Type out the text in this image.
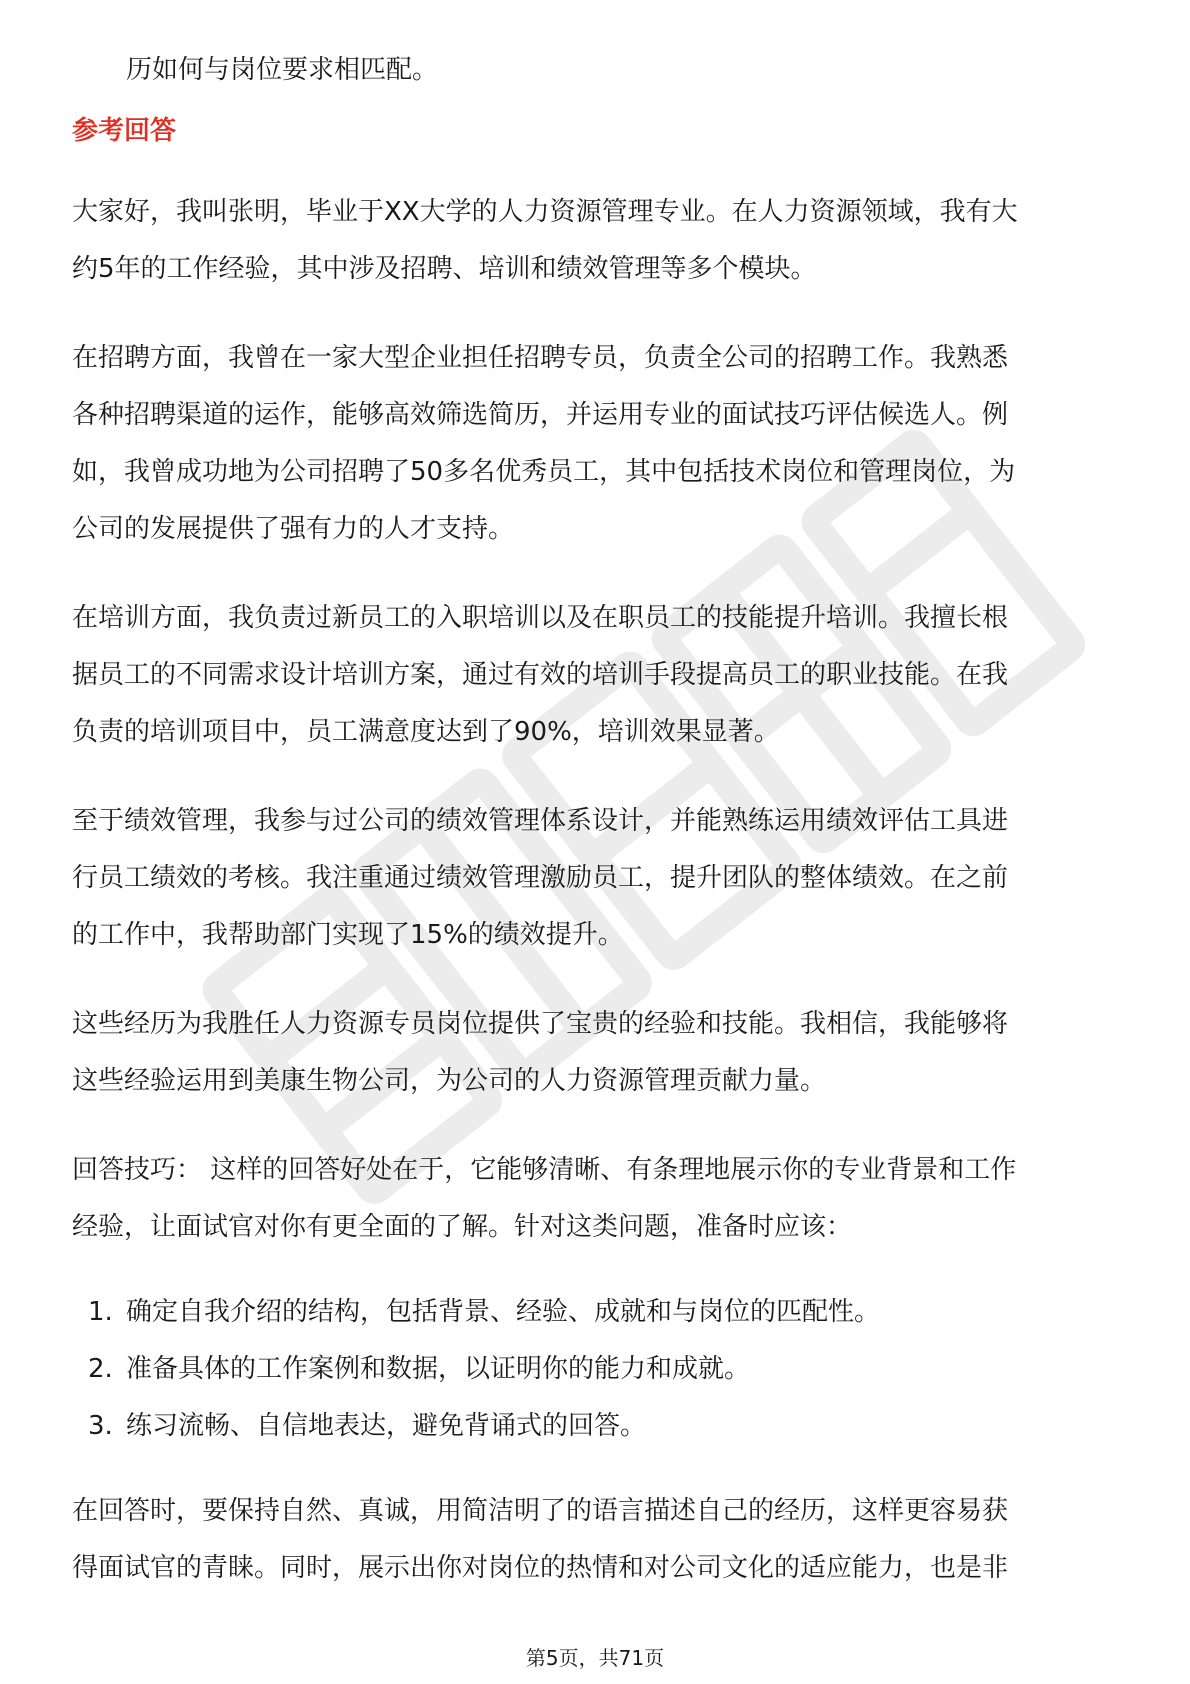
历如何与岗位要求相匹配。

参考回答

大家好，我叫张明，毕业于XX大学的人力资源管理专业。在人力资源领域，我有大

约5年的工作经验，其中涉及招聘、培训和绩效管理等多个模块。

在招聘方面，我曾在一家大型企业担任招聘专员，负责全公司的招聘工作。我熟悉

各种招聘渠道的运作，能够高效筛选简历，并运用专业的面试技巧评估候选人。例

如，我曾成功地为公司招聘了50多名优秀员工，其中包括技术岗位和管理岗位，为

公司的发展提供了强有力的人才支持。

在培训方面，我负责过新员工的入职培训以及在职员工的技能提升培训。我擅长根

据员工的不同需求设计培训方案，通过有效的培训手段提高员工的职业技能。在我

负责的培训项目中，员工满意度达到了90%，培训效果显著。

至于绩效管理，我参与过公司的绩效管理体系设计，并能熟练运用绩效评估工具进

行员工绩效的考核。我注重通过绩效管理激励员工，提升团队的整体绩效。在之前

的工作中，我帮助部门实现了15%的绩效提升。

这些经历为我胜任人力资源专员岗位提供了宝贵的经验和技能。我相信，我能够将

这些经验运用到美康生物公司，为公司的人力资源管理贡献力量。

回答技巧： 这样的回答好处在于，它能够清晰、有条理地展示你的专业背景和工作

经验，让面试官对你有更全面的了解。针对这类问题，准备时应该：

1. 确定自我介绍的结构，包括背景、经验、成就和与岗位的匹配性。
2. 准备具体的工作案例和数据，以证明你的能力和成就。
3. 练习流畅、自信地表达，避免背诵式的回答。

在回答时，要保持自然、真诚，用简洁明了的语言描述自己的经历，这样更容易获

得面试官的青睐。同时，展示出你对岗位的热情和对公司文化的适应能力，也是非

第5页，共71页
